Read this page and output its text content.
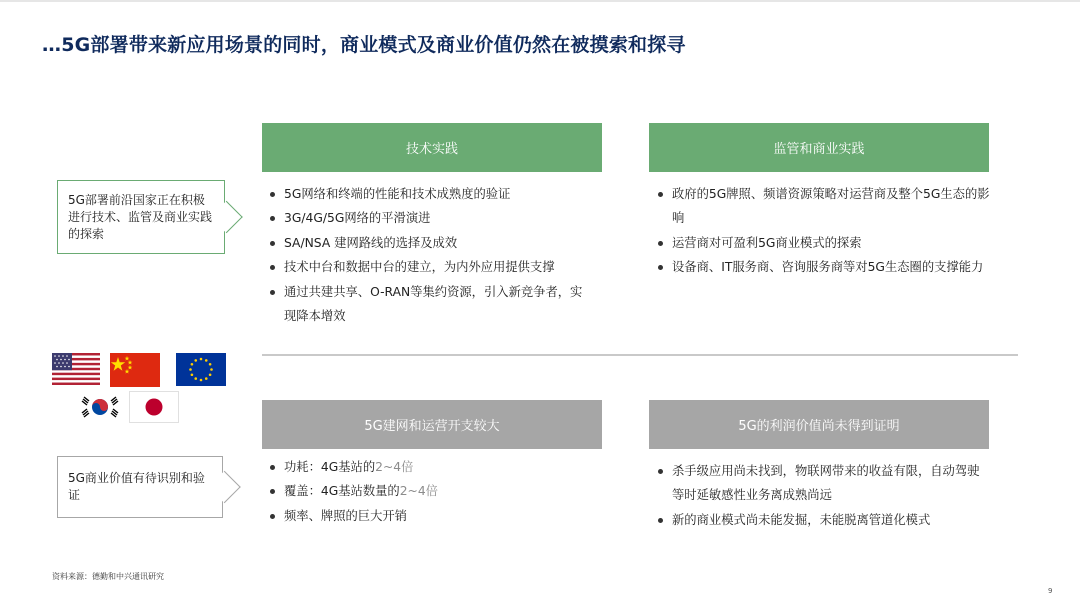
…5G部署带来新应用场景的同时，商业模式及商业价值仍然在被摸索和探寻
5G部署前沿国家正在积极进行技术、监管及商业实践的探索
5G商业价值有待识别和验证
技术实践	监管和商业实践
5G建网和运营开支较大	5G的利润价值尚未得到证明
5G网络和终端的性能和技术成熟度的验证
3G/4G/5G网络的平滑演进
SA/NSA 建网路线的选择及成效
技术中台和数据中台的建立，为内外应用提供支撑
通过共建共享、O-RAN等集约资源，引入新竞争者，实现降本增效
政府的5G牌照、频谱资源策略对运营商及整个5G生态的影响
运营商对可盈利5G商业模式的探索
设备商、IT服务商、咨询服务商等对5G生态圈的支撑能力
功耗：4G基站的2~4倍
覆盖：4G基站数量的2~4倍
频率、牌照的巨大开销
杀手级应用尚未找到，物联网带来的收益有限，自动驾驶等时延敏感性业务离成熟尚远
新的商业模式尚未能发掘，未能脱离管道化模式
资料来源：德勤和中兴通讯研究
9
